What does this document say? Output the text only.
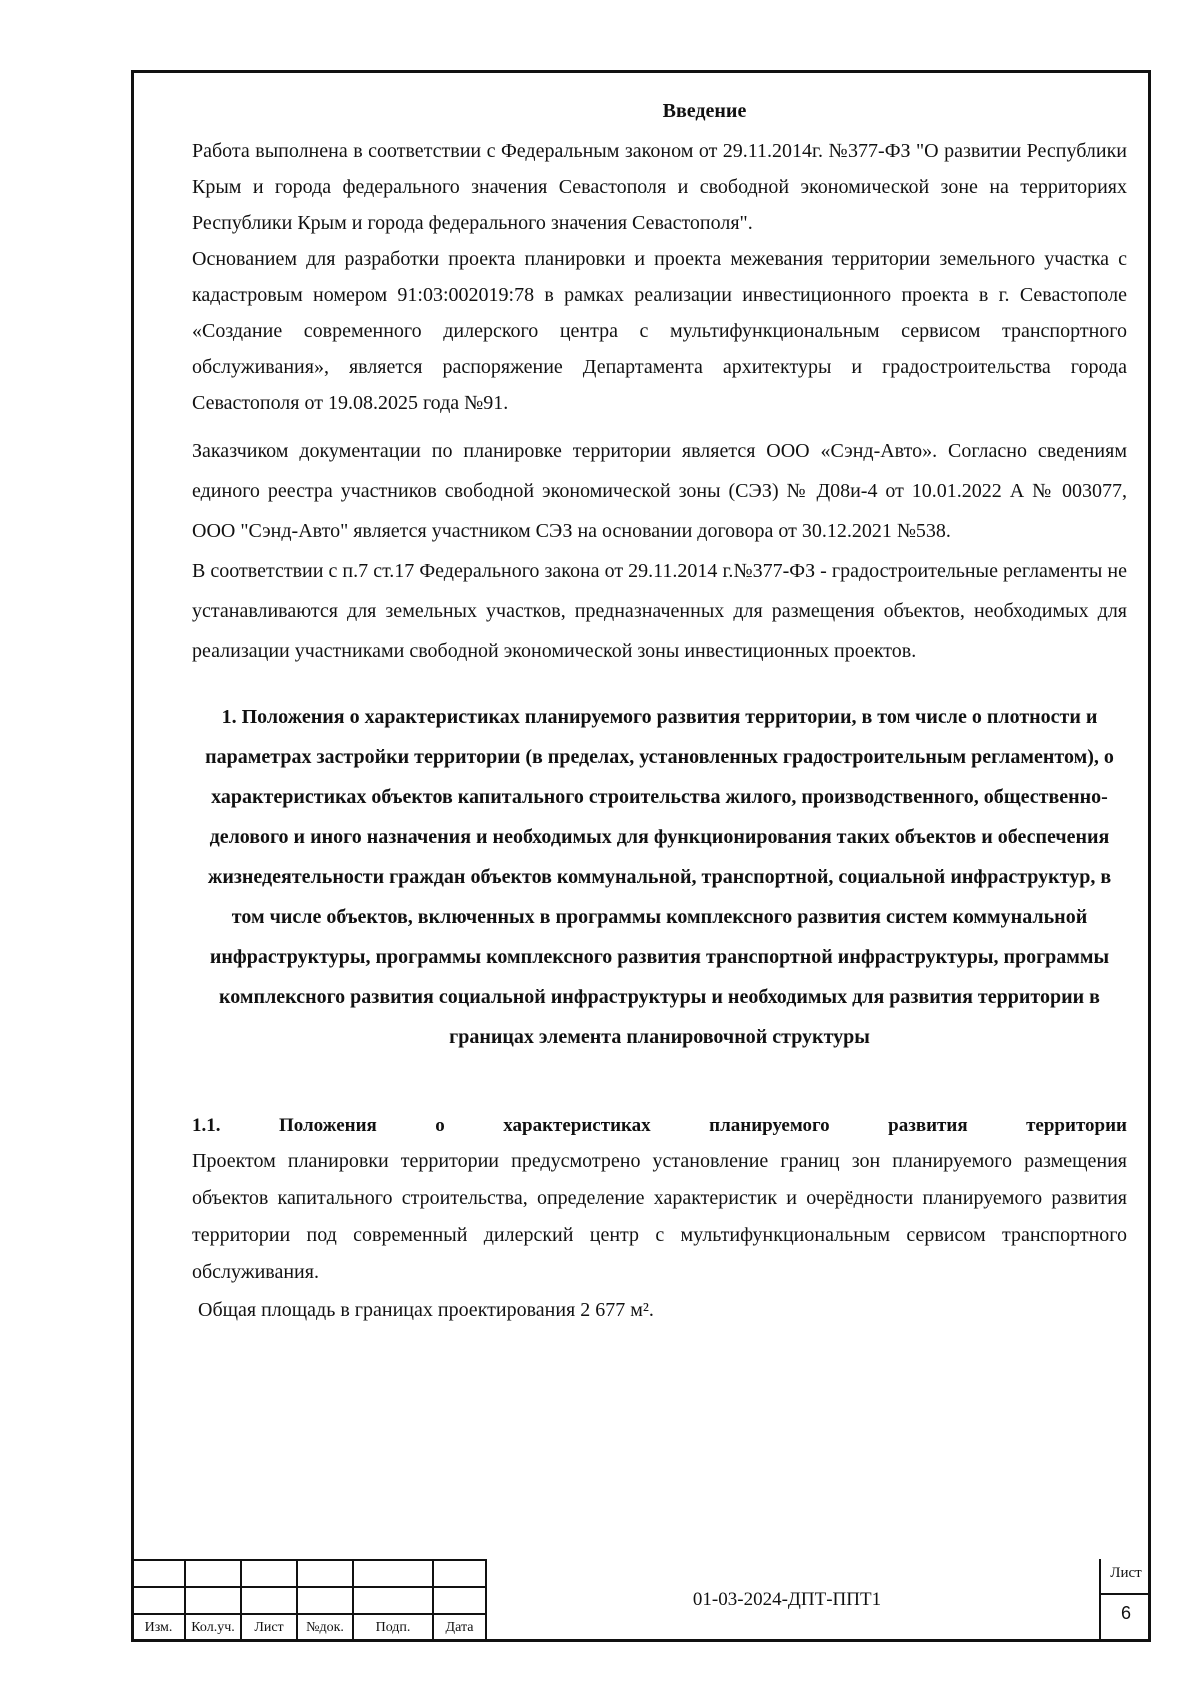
Введение

Работа выполнена в соответствии с Федеральным законом от 29.11.2014г. №377-ФЗ "О развитии Республики Крым и города федерального значения Севастополя и свободной экономической зоне на территориях Республики Крым и города федерального значения Севастополя".

Основанием для разработки проекта планировки и проекта межевания территории земельного участка с кадастровым номером 91:03:002019:78 в рамках реализации инвестиционного проекта в г. Севастополе «Создание современного дилерского центра с мультифункциональным сервисом транспортного обслуживания», является распоряжение Департамента архитектуры и градостроительства города Севастополя от 19.08.2025 года №91.

Заказчиком документации по планировке территории является ООО «Сэнд-Авто». Согласно сведениям единого реестра участников свободной экономической зоны (СЭЗ) № Д08и-4 от 10.01.2022 А № 003077, ООО "Сэнд-Авто" является участником СЭЗ на основании договора от 30.12.2021 №538.

В соответствии с п.7 ст.17 Федерального закона от 29.11.2014 г.№377-ФЗ - градостроительные регламенты не устанавливаются для земельных участков, предназначенных для размещения объектов, необходимых для реализации участниками свободной экономической зоны инвестиционных проектов.

1. Положения о характеристиках планируемого развития территории, в том числе о плотности и параметрах застройки территории (в пределах, установленных градостроительным регламентом), о характеристиках объектов капитального строительства жилого, производственного, общественно-делового и иного назначения и необходимых для функционирования таких объектов и обеспечения жизнедеятельности граждан объектов коммунальной, транспортной, социальной инфраструктур, в том числе объектов, включенных в программы комплексного развития систем коммунальной инфраструктуры, программы комплексного развития транспортной инфраструктуры, программы комплексного развития социальной инфраструктуры и необходимых для развития территории в границах элемента планировочной структуры
1.1.	Положения	о	характеристиках	планируемого	развития	территории

Проектом планировки территории предусмотрено установление границ зон планируемого размещения объектов капитального строительства, определение характеристик и очерёдности планируемого развития территории под современный дилерский центр с мультифункциональным сервисом транспортного обслуживания.

Общая площадь в границах проектирования 2 677 м².

Изм.	Кол.уч.	Лист	№док.	Подп.	Дата
01-03-2024-ДПТ-ППТ1
Лист
6
